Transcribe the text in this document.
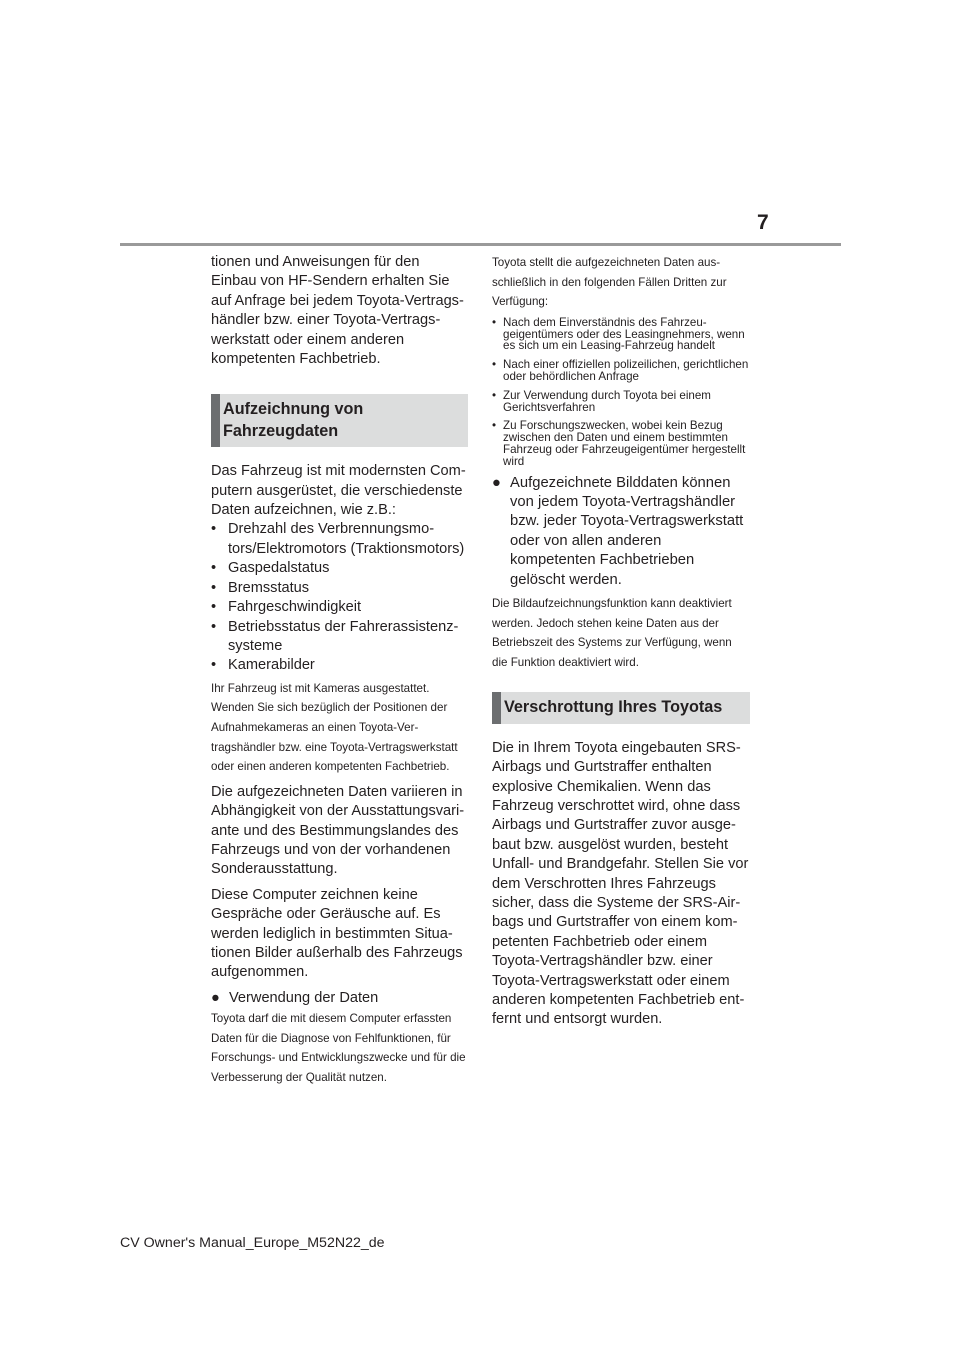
7

tionen und Anweisungen für den Einbau von HF-Sendern erhalten Sie auf Anfrage bei jedem Toyota-Vertragshändler bzw. einer Toyota-Vertragswerkstatt oder einem anderen kompetenten Fachbetrieb.

Aufzeichnung von Fahrzeugdaten

Das Fahrzeug ist mit modernsten Computern ausgerüstet, die verschiedenste Daten aufzeichnen, wie z.B.:

• Drehzahl des Verbrennungsmotors/Elektromotors (Traktionsmotors)
• Gaspedalstatus
• Bremsstatus
• Fahrgeschwindigkeit
• Betriebsstatus der Fahrerassistenzsysteme
• Kamerabilder

Ihr Fahrzeug ist mit Kameras ausgestattet. Wenden Sie sich bezüglich der Positionen der Aufnahmekameras an einen Toyota-Vertragshändler bzw. eine Toyota-Vertragswerkstatt oder einen anderen kompetenten Fachbetrieb.

Die aufgezeichneten Daten variieren in Abhängigkeit von der Ausstattungsvariante und des Bestimmungslandes des Fahrzeugs und von der vorhandenen Sonderausstattung.

Diese Computer zeichnen keine Gespräche oder Geräusche auf. Es werden lediglich in bestimmten Situationen Bilder außerhalb des Fahrzeugs aufgenommen.

● Verwendung der Daten

Toyota darf die mit diesem Computer erfassten Daten für die Diagnose von Fehlfunktionen, für Forschungs- und Entwicklungszwecke und für die Verbesserung der Qualität nutzen.

Toyota stellt die aufgezeichneten Daten ausschließlich in den folgenden Fällen Dritten zur Verfügung:

• Nach dem Einverständnis des Fahrzeugeigentümers oder des Leasingnehmers, wenn es sich um ein Leasing-Fahrzeug handelt
• Nach einer offiziellen polizeilichen, gerichtlichen oder behördlichen Anfrage
• Zur Verwendung durch Toyota bei einem Gerichtsverfahren
• Zu Forschungszwecken, wobei kein Bezug zwischen den Daten und einem bestimmten Fahrzeug oder Fahrzeugeigentümer hergestellt wird
● Aufgezeichnete Bilddaten können von jedem Toyota-Vertragshändler bzw. jeder Toyota-Vertragswerkstatt oder von allen anderen kompetenten Fachbetrieben gelöscht werden.

Die Bildaufzeichnungsfunktion kann deaktiviert werden. Jedoch stehen keine Daten aus der Betriebszeit des Systems zur Verfügung, wenn die Funktion deaktiviert wird.

Verschrottung Ihres Toyotas

Die in Ihrem Toyota eingebauten SRS-Airbags und Gurtstraffer enthalten explosive Chemikalien. Wenn das Fahrzeug verschrottet wird, ohne dass Airbags und Gurtstraffer zuvor ausgebaut bzw. ausgelöst wurden, besteht Unfall- und Brandgefahr. Stellen Sie vor dem Verschrotten Ihres Fahrzeugs sicher, dass die Systeme der SRS-Airbags und Gurtstraffer von einem kompetenten Fachbetrieb oder einem Toyota-Vertragshändler bzw. einer Toyota-Vertragswerkstatt oder einem anderen kompetenten Fachbetrieb entfernt und entsorgt wurden.

CV Owner's Manual_Europe_M52N22_de
